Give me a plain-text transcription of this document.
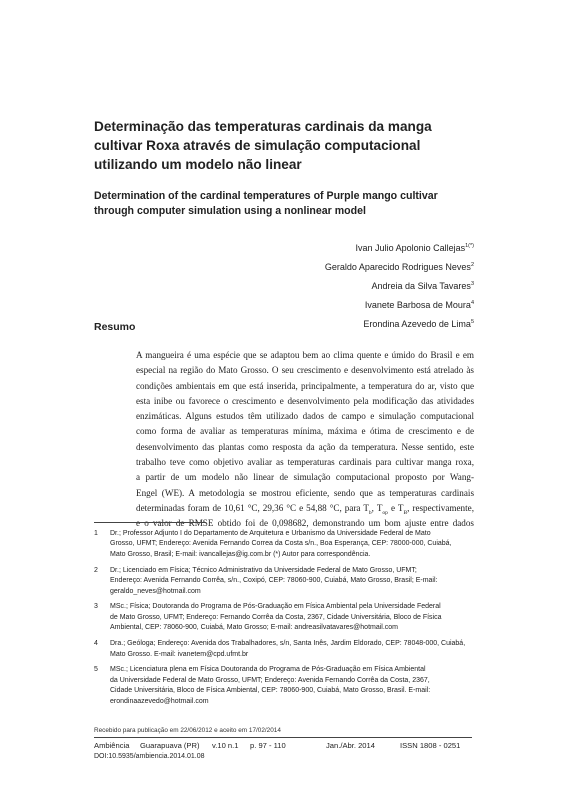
Determinação das temperaturas cardinais da manga
cultivar Roxa através de simulação computacional
utilizando um modelo não linear
Determination of the cardinal temperatures of Purple mango cultivar
through computer simulation using a nonlinear model
Ivan Julio Apolonio Callejas$^{1(*)}$
Geraldo Aparecido Rodrigues Neves$^2$
Andreia da Silva Tavares$^3$
Ivanete Barbosa de Moura$^4$
Erondina Azevedo de Lima$^5$
Resumo
A mangueira é uma espécie que se adaptou bem ao clima quente e úmido do Brasil e em
especial na região do Mato Grosso. O seu crescimento e desenvolvimento está atrelado às
condições ambientais em que está inserida, principalmente, a temperatura do ar, visto que
esta inibe ou favorece o crescimento e desenvolvimento pela modificação das atividades
enzimáticas. Alguns estudos têm utilizado dados de campo e simulação computacional
como forma de avaliar as temperaturas mínima, máxima e ótima de crescimento e de
desenvolvimento das plantas como resposta da ação da temperatura. Nesse sentido, este
trabalho teve como objetivo avaliar as temperaturas cardinais para cultivar manga roxa,
a partir de um modelo não linear de simulação computacional proposto por Wang-
Engel (WE). A metodologia se mostrou eficiente, sendo que as temperaturas cardinais
determinadas foram de 10,61 °C, 29,36 °C e 54,88 °C, para $T_b$, $T_{op}$ e $T_B$, respectivamente,
e o valor de RMSE obtido foi de 0,098682, demonstrando um bom ajuste entre dados
1 Dr.; Professor Adjunto I do Departamento de Arquitetura e Urbanismo da Universidade Federal de Mato
Grosso, UFMT; Endereço: Avenida Fernando Correa da Costa s/n., Boa Esperança, CEP: 78000-000, Cuiabá,
Mato Grosso, Brasil; E-mail: ivancallejas@ig.com.br (*) Autor para correspondência.
2 Dr.; Licenciado em Física; Técnico Administrativo da Universidade Federal de Mato Grosso, UFMT;
Endereço: Avenida Fernando Corrêa, s/n., Coxipó, CEP: 78060-900, Cuiabá, Mato Grosso, Brasil; E-mail:
geraldo_neves@hotmail.com
3 MSc.; Física; Doutoranda do Programa de Pós-Graduação em Física Ambiental pela Universidade Federal
de Mato Grosso, UFMT; Endereço: Fernando Corrêa da Costa, 2367, Cidade Universitária, Bloco de Física
Ambiental, CEP: 78060-900, Cuiabá, Mato Grosso; E-mail: andreasilvatavares@hotmail.com
4 Dra.; Geóloga; Endereço: Avenida dos Trabalhadores, s/n, Santa Inês, Jardim Eldorado, CEP: 78048-000, Cuiabá,
Mato Grosso. E-mail: ivanetem@cpd.ufmt.br
5 MSc.; Licenciatura plena em Física Doutoranda do Programa de Pós-Graduação em Física Ambiental
da Universidade Federal de Mato Grosso, UFMT; Endereço: Avenida Fernando Corrêa da Costa, 2367,
Cidade Universitária, Bloco de Física Ambiental, CEP: 78060-900, Cuiabá, Mato Grosso, Brasil. E-mail:
erondinaazevedo@hotmail.com
Recebido para publicação em 22/06/2012 e aceito em 17/02/2014
Ambiência Guarapuava (PR) v.10 n.1 p. 97 - 110	Jan./Abr. 2014	ISSN 1808 - 0251
DOI:10.5935/ambiencia.2014.01.08
